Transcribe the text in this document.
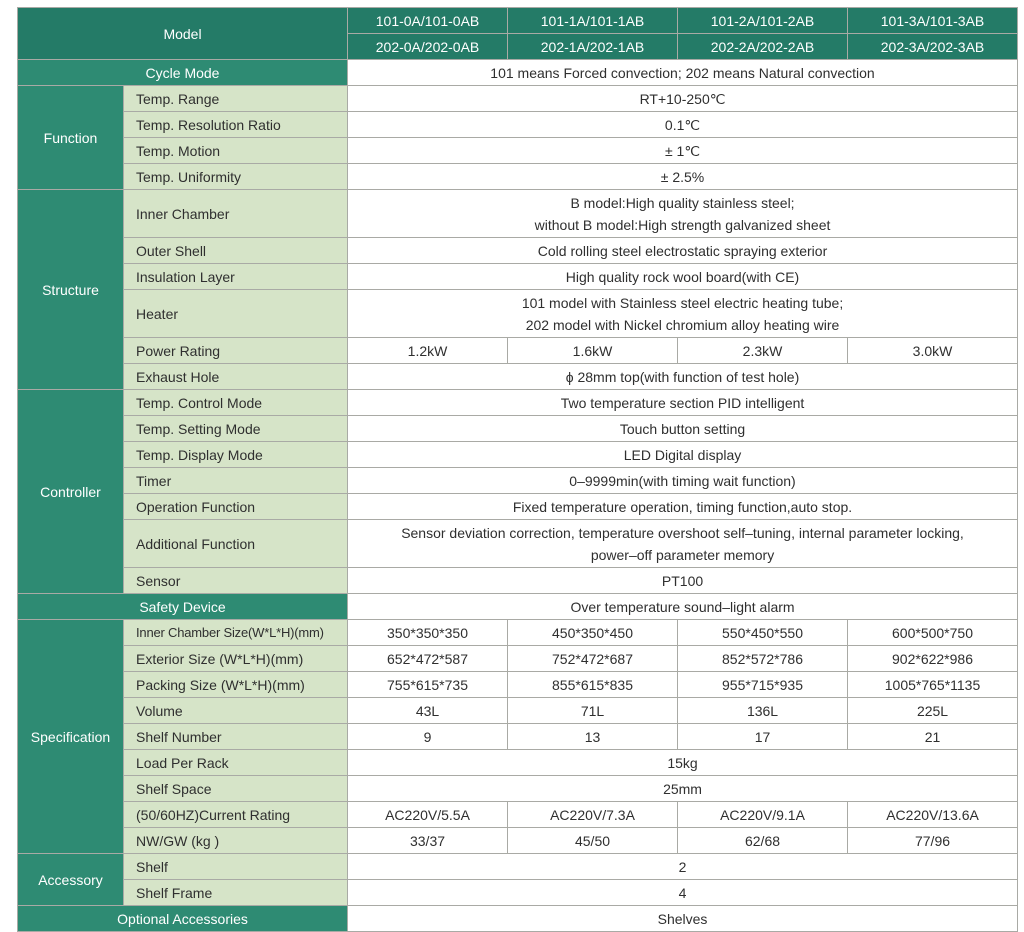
Model		101-0A/101-0AB	101-1A/101-1AB	101-2A/101-2AB	101-3A/101-3AB
		202-0A/202-0AB	202-1A/202-1AB	202-2A/202-2AB	202-3A/202-3AB
Cycle Mode		101 means Forced convection; 202 means Natural convection			
Function	Temp. Range	RT+10-250℃			
	Temp. Resolution Ratio	0.1℃			
	Temp. Motion	± 1℃			
	Temp. Uniformity	± 2.5%			
Structure	Inner Chamber	B model:High quality stainless steel;
without B model:High strength galvanized sheet			

	Outer Shell	Cold rolling steel electrostatic spraying exterior			
	Insulation Layer	High quality rock wool board(with CE)			
	Heater	101 model with Stainless steel electric heating tube;
202 model with Nickel chromium alloy heating wire			

	Power Rating	1.2kW	1.6kW	2.3kW	3.0kW
	Exhaust Hole	ϕ 28mm top(with function of test hole)			
Controller	Temp. Control Mode	Two temperature section PID intelligent			
	Temp. Setting Mode	Touch button setting			
	Temp. Display Mode	LED Digital display			
	Timer	0–9999min(with timing wait function)			
	Operation Function	Fixed temperature operation, timing function,auto stop.			
	Additional Function	Sensor deviation correction, temperature overshoot self–tuning, internal parameter locking,
power–off parameter memory			

	Sensor	PT100			
Safety Device		Over temperature sound–light alarm			
Specification	Inner Chamber Size(W*L*H)(mm)	350*350*350	450*350*450	550*450*550	600*500*750
	Exterior Size (W*L*H)(mm)	652*472*587	752*472*687	852*572*786	902*622*986
	Packing Size (W*L*H)(mm)	755*615*735	855*615*835	955*715*935	1005*765*1135
	Volume	43L	71L	136L	225L
	Shelf Number	9	13	17	21
	Load Per Rack	15kg			
	Shelf Space	25mm			
	(50/60HZ)Current Rating	AC220V/5.5A	AC220V/7.3A	AC220V/9.1A	AC220V/13.6A
	NW/GW (kg )	33/37	45/50	62/68	77/96
Accessory	Shelf	2			
	Shelf Frame	4			
Optional Accessories		Shelves			
